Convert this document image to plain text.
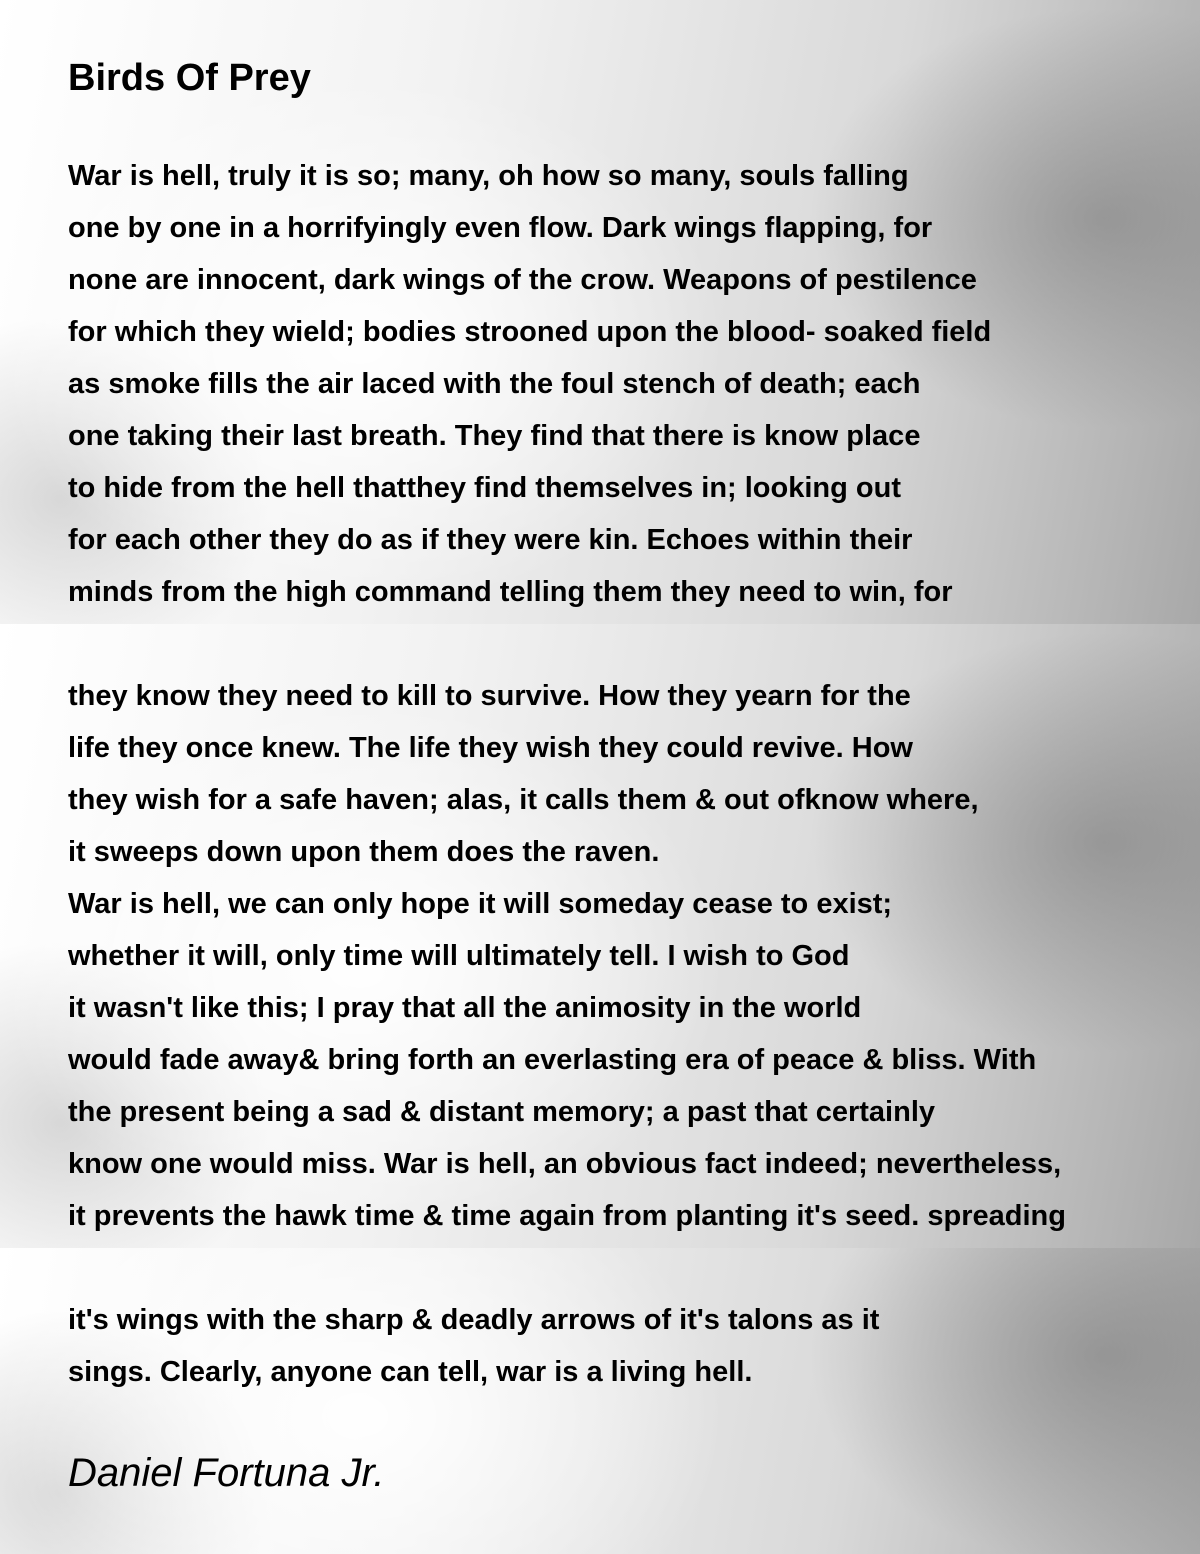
Birds Of Prey
War is hell, truly it is so; many, oh how so many, souls falling
one by one in a horrifyingly even flow. Dark wings flapping, for
none are innocent, dark wings of the crow. Weapons of pestilence
for which they wield; bodies strooned upon the blood- soaked field
as smoke fills the air laced with the foul stench of death; each
one taking their last breath. They find that there is know place
to hide from the hell thatthey find themselves in; looking out
for each other they do as if they were kin. Echoes within their
minds from the high command telling them they need to win, for
they know they need to kill to survive. How they yearn for the
life they once knew. The life they wish they could revive. How
they wish for a safe haven; alas, it calls them & out ofknow where,
it sweeps down upon them does the raven.
War is hell, we can only hope it will someday cease to exist;
whether it will, only time will ultimately tell. I wish to God
it wasn't like this; I pray that all the animosity in the world
would fade away& bring forth an everlasting era of peace & bliss. With
the present being a sad & distant memory; a past that certainly
know one would miss. War is hell, an obvious fact indeed; nevertheless,
it prevents the hawk time & time again from planting it's seed. spreading
it's wings with the sharp & deadly arrows of it's talons as it
sings. Clearly, anyone can tell, war is a living hell.

Daniel Fortuna Jr.
